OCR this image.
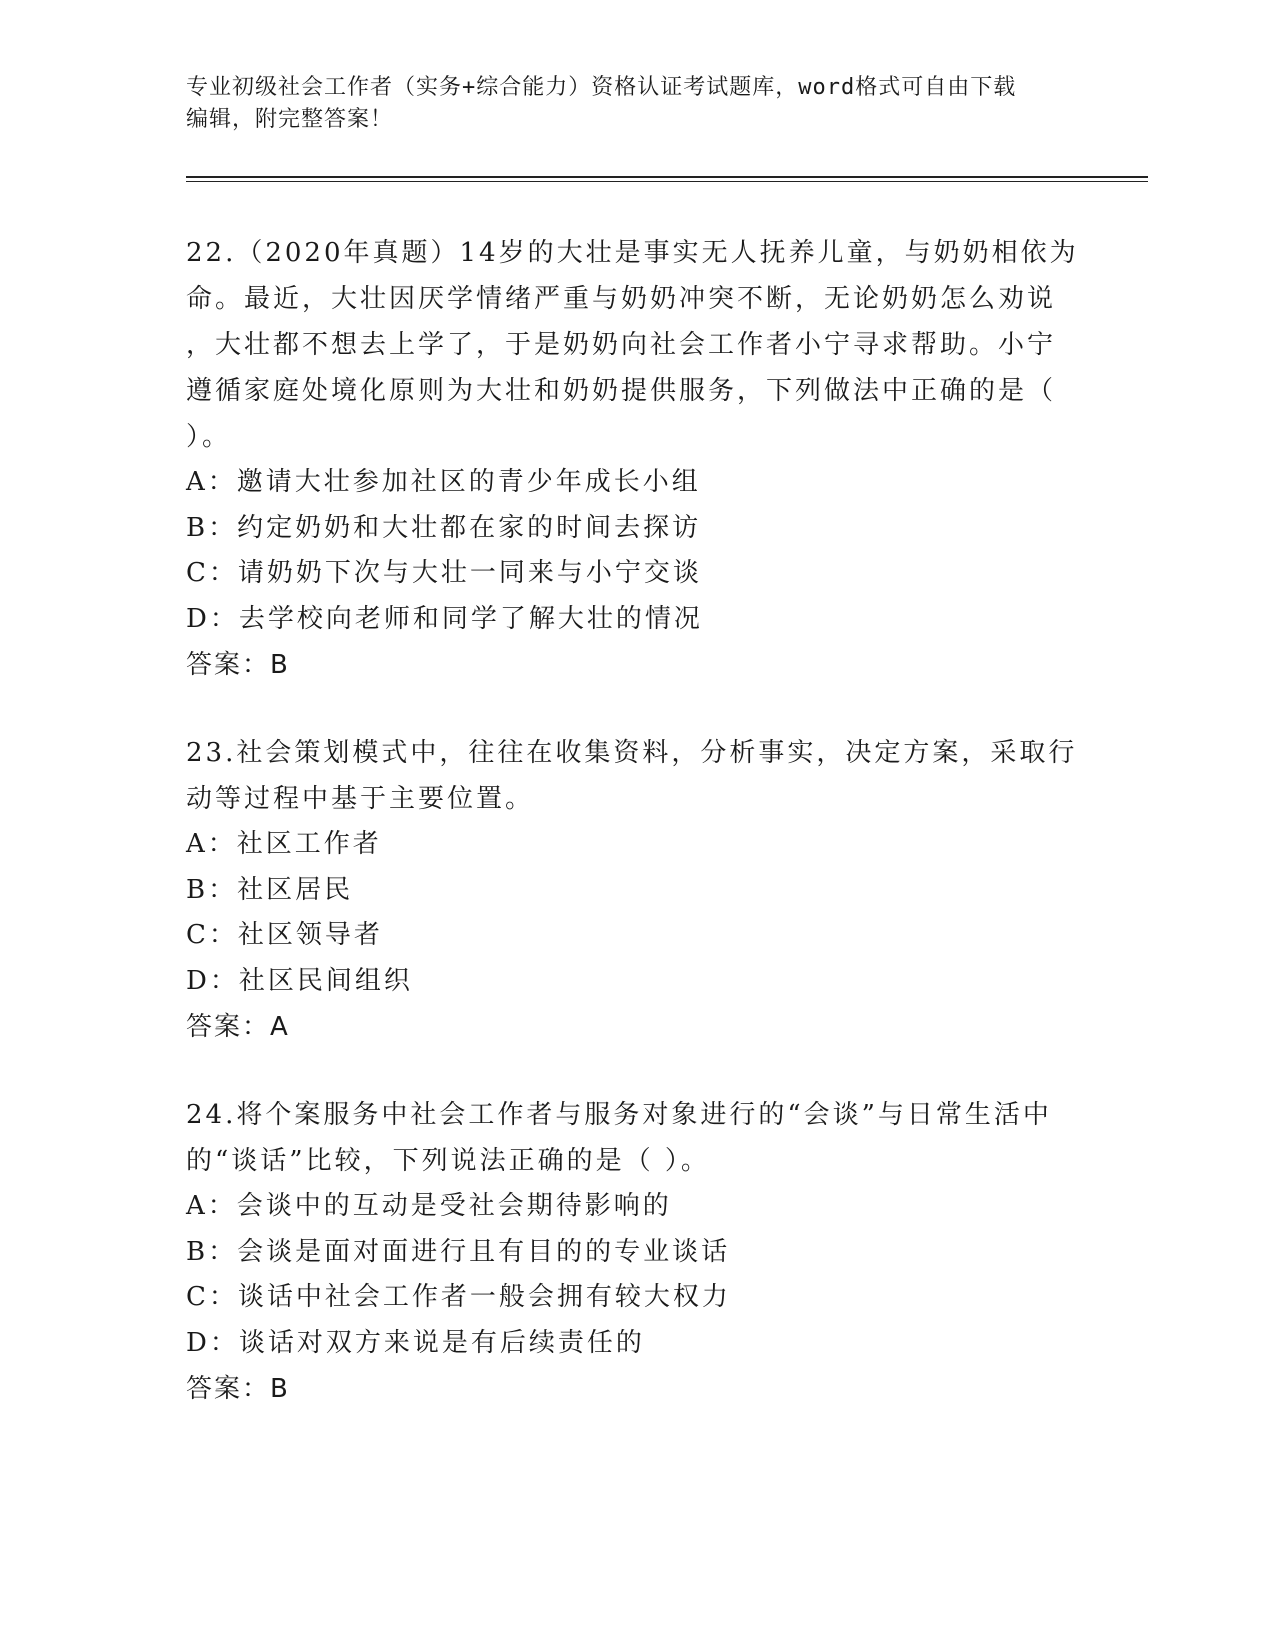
专业初级社会工作者（实务+综合能力）资格认证考试题库，word格式可自由下载
编辑，附完整答案！
22.（2020年真题）14岁的大壮是事实无人抚养儿童，与奶奶相依为
命。最近，大壮因厌学情绪严重与奶奶冲突不断，无论奶奶怎么劝说
，大壮都不想去上学了，于是奶奶向社会工作者小宁寻求帮助。小宁
遵循家庭处境化原则为大壮和奶奶提供服务，下列做法中正确的是（
）。
A：邀请大壮参加社区的青少年成长小组
B：约定奶奶和大壮都在家的时间去探访
C：请奶奶下次与大壮一同来与小宁交谈
D：去学校向老师和同学了解大壮的情况
答案：B
23.社会策划模式中，往往在收集资料，分析事实，决定方案，采取行
动等过程中基于主要位置。
A：社区工作者
B：社区居民
C：社区领导者
D：社区民间组织
答案：A
24.将个案服务中社会工作者与服务对象进行的“会谈”与日常生活中
的“谈话”比较，下列说法正确的是（ ）。
A：会谈中的互动是受社会期待影响的
B：会谈是面对面进行且有目的的专业谈话
C：谈话中社会工作者一般会拥有较大权力
D：谈话对双方来说是有后续责任的
答案：B
